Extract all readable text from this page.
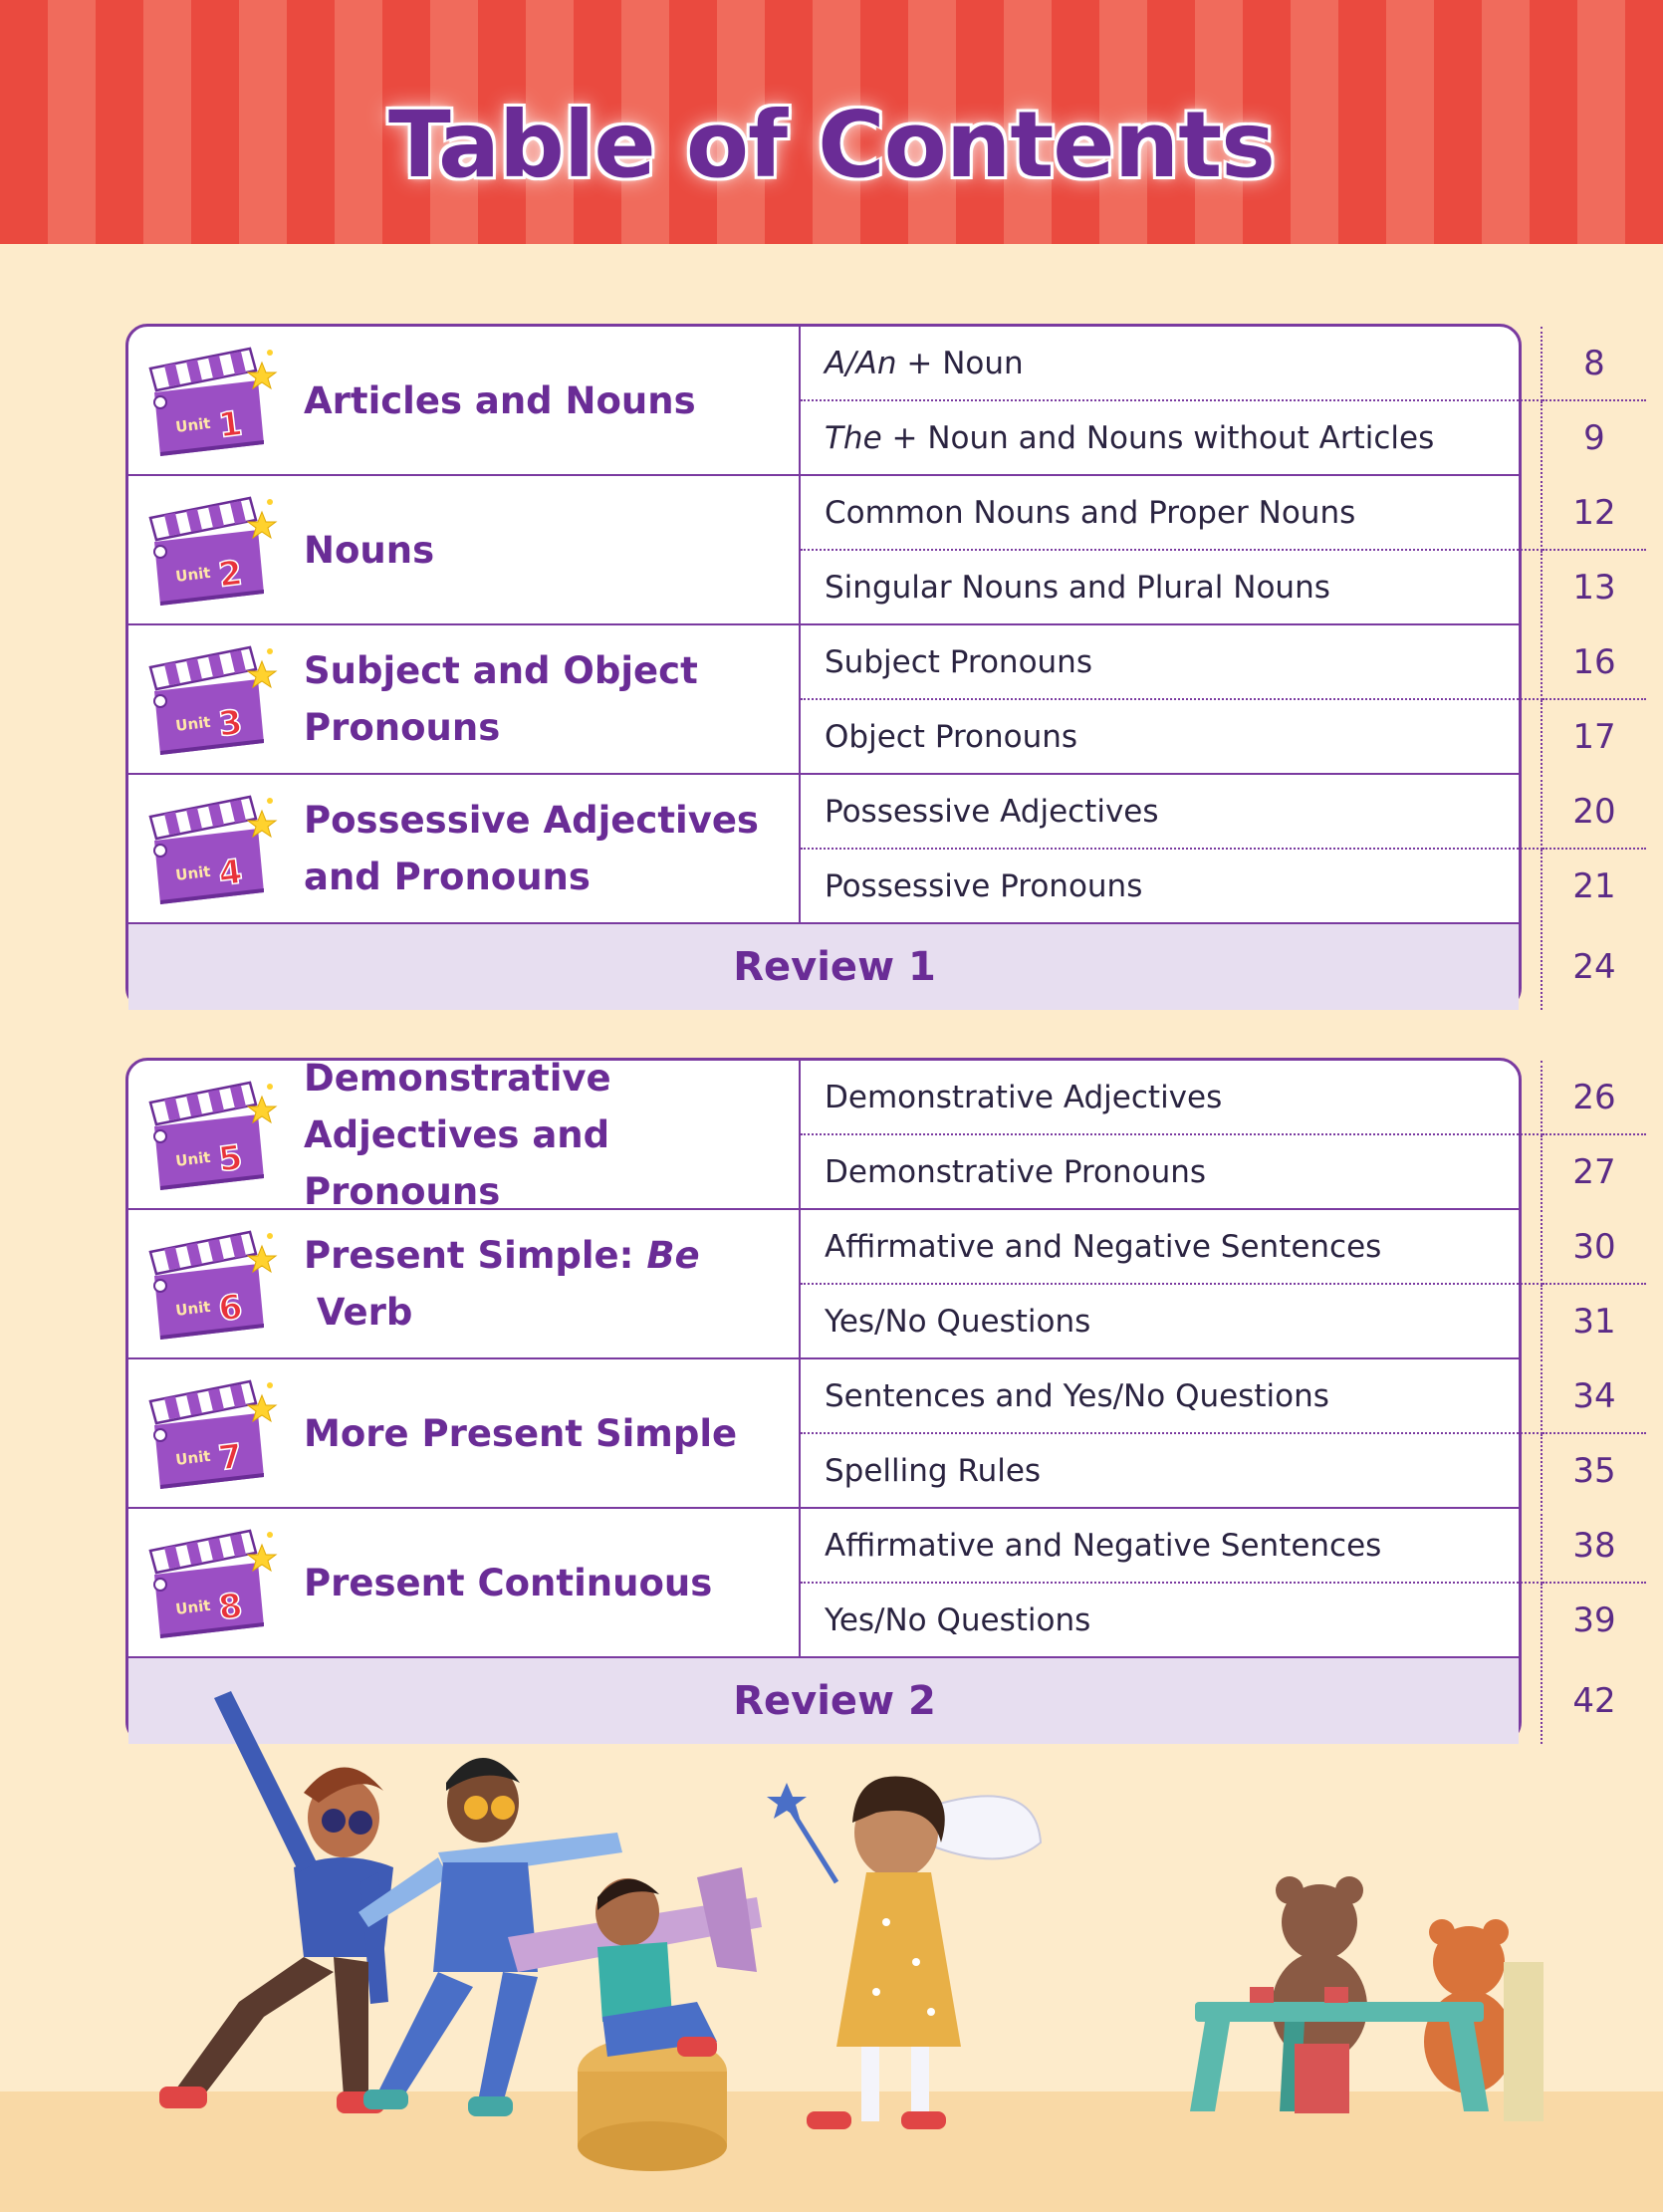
Table of Contents
Unit 1
Articles and Nouns
A/An + Noun	8
The + Noun and Nouns without Articles	9
Unit 2
Nouns
Common Nouns and Proper Nouns	12
Singular Nouns and Plural Nouns	13
Unit 3
Subject and Object Pronouns
Subject Pronouns	16
Object Pronouns	17
Unit 4
Possessive Adjectives and Pronouns
Possessive Adjectives	20
Possessive Pronouns	21
Review 1	24
Unit 5
Demonstrative Adjectives and Pronouns
Demonstrative Adjectives	26
Demonstrative Pronouns	27
Unit 6
Present Simple: Be Verb
Affirmative and Negative Sentences	30
Yes/No Questions	31
Unit 7
More Present Simple
Sentences and Yes/No Questions	34
Spelling Rules	35
Unit 8
Present Continuous
Affirmative and Negative Sentences	38
Yes/No Questions	39
Review 2	42
